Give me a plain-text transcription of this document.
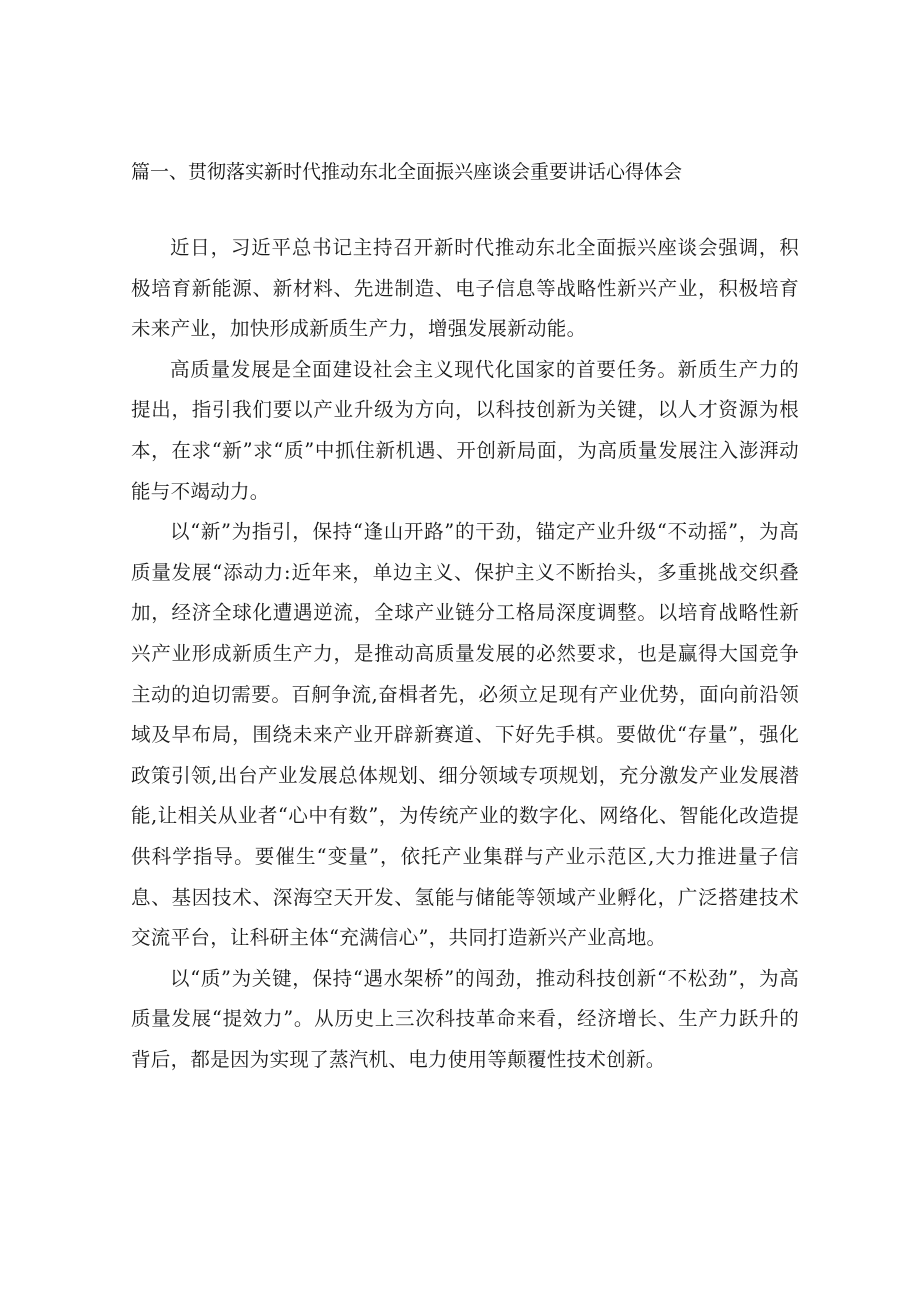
篇一、贯彻落实新时代推动东北全面振兴座谈会重要讲话心得体会

近日，习近平总书记主持召开新时代推动东北全面振兴座谈会强调，积极培育新能源、新材料、先进制造、电子信息等战略性新兴产业，积极培育未来产业，加快形成新质生产力，增强发展新动能。

高质量发展是全面建设社会主义现代化国家的首要任务。新质生产力的提出，指引我们要以产业升级为方向，以科技创新为关键，以人才资源为根本，在求“新”求“质”中抓住新机遇、开创新局面，为高质量发展注入澎湃动能与不竭动力。

以“新”为指引，保持“逢山开路”的干劲，锚定产业升级“不动摇”，为高质量发展“添动力:近年来，单边主义、保护主义不断抬头，多重挑战交织叠加，经济全球化遭遇逆流，全球产业链分工格局深度调整。以培育战略性新兴产业形成新质生产力，是推动高质量发展的必然要求，也是赢得大国竞争主动的迫切需要。百舸争流,奋楫者先，必须立足现有产业优势，面向前沿领域及早布局，围绕未来产业开辟新赛道、下好先手棋。要做优“存量”，强化政策引领,出台产业发展总体规划、细分领域专项规划，充分激发产业发展潜能,让相关从业者“心中有数”，为传统产业的数字化、网络化、智能化改造提供科学指导。要催生“变量”，依托产业集群与产业示范区,大力推进量子信息、基因技术、深海空天开发、氢能与储能等领域产业孵化，广泛搭建技术交流平台，让科研主体“充满信心”，共同打造新兴产业高地。

以“质”为关键，保持“遇水架桥”的闯劲，推动科技创新“不松劲”，为高质量发展“提效力”。从历史上三次科技革命来看，经济增长、生产力跃升的背后，都是因为实现了蒸汽机、电力使用等颠覆性技术创新。
